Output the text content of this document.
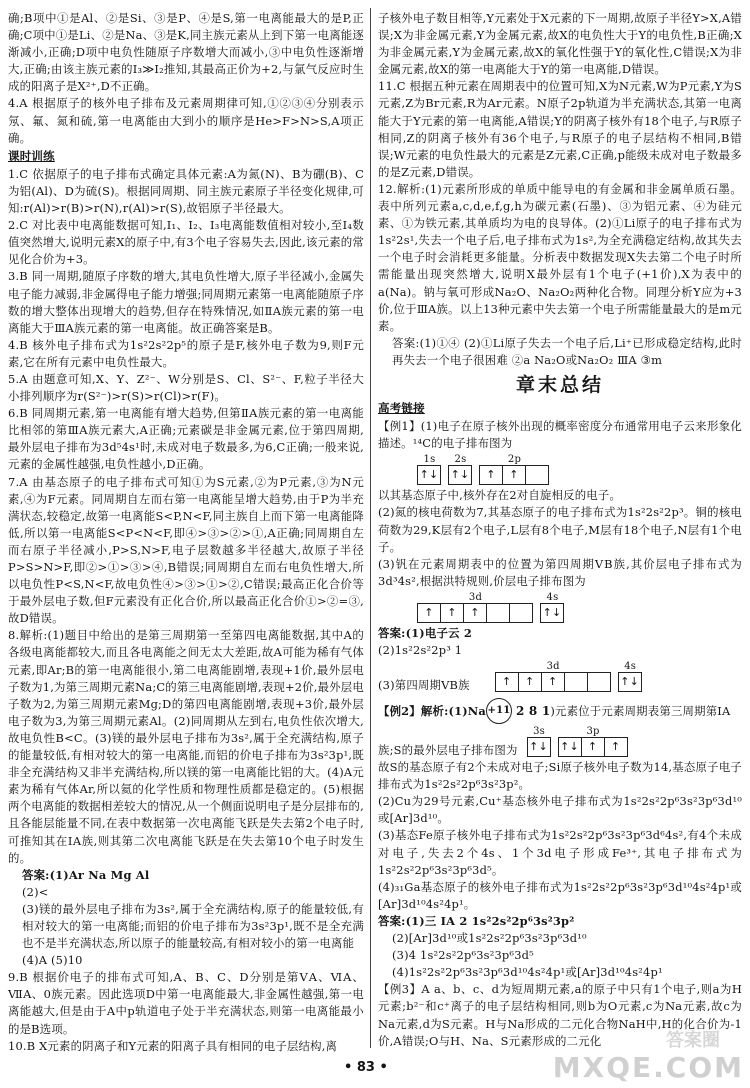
确;B项中①是Al、②是Si、③是P、④是S,第一电离能最大的是P,正确;C项中①是Li、②是Na、③是K,同主族元素从上到下第一电离能逐渐减小,正确;D项中电负性随原子序数增大而减小,③中电负性逐渐增大,正确;由该主族元素的I₃≫I₂推知,其最高正价为+2,与氯气反应时生成的阳离子是X²⁺,D不正确。

4.A 根据原子的核外电子排布及元素周期律可知,①②③④分别表示氖、氟、氮和硫,第一电离能由大到小的顺序是He>F>N>S,A项正确。

课时训练

1.C 依据原子的电子排布式确定具体元素:A为氮(N)、B为硼(B)、C为铝(Al)、D为硫(S)。根据同周期、同主族元素原子半径变化规律,可知:r(Al)>r(B)>r(N),r(Al)>r(S),故铝原子半径最大。

2.C 对比表中电离能数据可知,I₁、I₂、I₃电离能数值相对较小,至I₄数值突然增大,说明元素X的原子中,有3个电子容易失去,因此,该元素的常见化合价为+3。

3.B 同一周期,随原子序数的增大,其电负性增大,原子半径减小,金属失电子能力减弱,非金属得电子能力增强;同周期元素第一电离能随原子序数的增大整体出现增大的趋势,但存在特殊情况,如ⅡA族元素的第一电离能大于ⅢA族元素的第一电离能。故正确答案是B。

4.B 核外电子排布式为1s²2s²2p⁵的原子是F,核外电子数为9,则F元素,它在所有元素中电负性最大。

5.A 由题意可知,X、Y、Z²⁻、W分别是S、Cl、S²⁻、F,粒子半径大小排列顺序为r(S²⁻)>r(S)>r(Cl)>r(F)。

6.B 同周期元素,第一电离能有增大趋势,但第ⅡA族元素的第一电离能比相邻的第ⅢA族元素大,A正确;元素碳是非金属元素,位于第四周期,最外层电子排布为3d⁵4s¹时,未成对电子数最多,为6,C正确;一般来说,元素的金属性越强,电负性越小,D正确。

7.A 由基态原子的电子排布式可知①为S元素,②为P元素,③为N元素,④为F元素。同周期自左而右第一电离能呈增大趋势,由于P为半充满状态,较稳定,故第一电离能S<P,N<F,同主族自上而下第一电离能降低,所以第一电离能S<P<N<F,即④>③>②>①,A正确;同周期自左而右原子半径减小,P>S,N>F,电子层数越多半径越大,故原子半径P>S>N>F,即②>①>③>④,B错误;同周期自左而右电负性增大,所以电负性P<S,N<F,故电负性④>③>①>②,C错误;最高正化合价等于最外层电子数,但F元素没有正化合价,所以最高正化合价①>②=③,故D错误。

8.解析:(1)题目中给出的是第三周期第一至第四电离能数据,其中A的各级电离能都较大,而且各电离能之间无太大差距,故A可能为稀有气体元素,即Ar;B的第一电离能很小,第二电离能剧增,表现+1价,最外层电子数为1,为第三周期元素Na;C的第三电离能剧增,表现+2价,最外层电子数为2,为第三周期元素Mg;D的第四电离能剧增,表现+3价,最外层电子数为3,为第三周期元素Al。(2)同周期从左到右,电负性依次增大,故电负性B<C。(3)镁的最外层电子排布为3s²,属于全充满结构,原子的能量较低,有相对较大的第一电离能,而铝的价电子排布为3s²3p¹,既非全充满结构又非半充满结构,所以镁的第一电离能比铝的大。(4)A元素为稀有气体Ar,所以氦的化学性质和物理性质都是稳定的。(5)根据两个电离能的数据相差较大的情况,从一个侧面说明电子是分层排布的,且各能层能量不同,在表中数据第一次电离能飞跃是失去第2个电子时,可推知其在ⅠA族,则其第二次电离能飞跃是在失去第10个电子时发生的。

答案:(1)Ar Na Mg Al

(2)<

(3)镁的最外层电子排布为3s²,属于全充满结构,原子的能量较低,有相对较大的第一电离能;而铝的价电子排布为3s²3p¹,既不是全充满也不是半充满状态,所以原子的能量较高,有相对较小的第一电离能

(4)A (5)10

9.B 根据价电子的排布式可知,A、B、C、D分别是第ⅤA、ⅥA、ⅦA、0族元素。因此选项D中第一电离能最大,非金属性越强,第一电离能越大,但是由于A中p轨道电子处于半充满状态,则第一电离能最小的是B选项。

10.B X元素的阴离子和Y元素的阳离子具有相同的电子层结构,离

子核外电子数目相等,Y元素处于X元素的下一周期,故原子半径Y>X,A错误;X为非金属元素,Y为金属元素,故X的电负性大于Y的电负性,B正确;X为非金属元素,Y为金属元素,故X的氧化性强于Y的氧化性,C错误;X为非金属元素,故X的第一电离能大于Y的第一电离能,D错误。

11.C 根据五种元素在周期表中的位置可知,X为N元素,W为P元素,Y为S元素,Z为Br元素,R为Ar元素。N原子2p轨道为半充满状态,其第一电离能大于Y元素的第一电离能,A错误;Y的阴离子核外有18个电子,与R原子相同,Z的阴离子核外有36个电子,与R原子的电子层结构不相同,B错误;W元素的电负性最大的元素是Z元素,C正确,p能级未成对电子数最多的是Z元素,D错误。

12.解析:(1)元素所形成的单质中能导电的有金属和非金属单质石墨。表中所列元素a,c,d,e,f,g,h为碳元素(石墨)、③为铝元素、④为硅元素、①为铁元素,其单质均为电的良导体。(2)①Li原子的电子排布式为1s²2s¹,失去一个电子后,电子排布式为1s²,为全充满稳定结构,故其失去一个电子时会消耗更多能量。分析表中数据发现X失去第二个电子时所需能量出现突然增大,说明X最外层有1个电子(+1价),X为表中的a(Na)。钠与氧可形成Na₂O、Na₂O₂两种化合物。同理分析Y应为+3价,位于ⅢA族。以上13种元素中失去第一个电子所需能量最大的是m元素。

答案:(1)①④ (2)①Li原子失去一个电子后,Li⁺已形成稳定结构,此时再失去一个电子很困难 ②a Na₂O或Na₂O₂ ⅢA ③m

章末总结
高考链接

【例1】(1)电子在原子核外出现的概率密度分布通常用电子云来形象化描述。¹⁴C的电子排布图为

1s
↑↓
2s
↑↓
2p
↑	↑

以其基态原子中,核外存在2对自旋相反的电子。

(2)氮的核电荷数为7,其基态原子的电子排布式为1s²2s²2p³。铜的核电荷数为29,K层有2个电子,L层有8个电子,M层有18个电子,N层有1个电子。

(3)钒在元素周期表中的位置为第四周期ⅤB族,其价层电子排布式为3d³4s²,根据洪特规则,价层电子排布图为

3d
↑	↑	↑
4s
↑↓

答案:(1)电子云 2

(2)1s²2s²2p³ 1

(3)第四周期ⅤB族
3d
↑	↑	↑
4s
↑↓
【例2】解析:(1)Na +11 2 8 1 )元素位于元素周期表第三周期第ⅠA
族;S的最外层电子排布图为
3s
↑↓
3p
↑↓ ↑	↑

故S的基态原子有2个未成对电子;Si原子核外电子数为14,基态原子电子排布式为1s²2s²2p⁶3s²3p²。

(2)Cu为29号元素,Cu⁺基态核外电子排布式为1s²2s²2p⁶3s²3p⁶3d¹⁰或[Ar]3d¹⁰。

(3)基态Fe原子核外电子排布式为1s²2s²2p⁶3s²3p⁶3d⁶4s²,有4个未成对电子,失去2个4s、1个3d电子形成Fe³⁺,其电子排布式为1s²2s²2p⁶3s²3p⁶3d⁵。

(4)₃₁Ga基态原子的核外电子排布式为1s²2s²2p⁶3s²3p⁶3d¹⁰4s²4p¹或[Ar]3d¹⁰4s²4p¹。

答案:(1)三 ⅠA 2 1s²2s²2p⁶3s²3p²

(2)[Ar]3d¹⁰或1s²2s²2p⁶3s²3p⁶3d¹⁰

(3)4 1s²2s²2p⁶3s²3p⁶3d⁵

(4)1s²2s²2p⁶3s²3p⁶3d¹⁰4s²4p¹或[Ar]3d¹⁰4s²4p¹

【例3】A a、b、c、d为短周期元素,a的原子中只有1个电子,则a为H元素;b²⁻和c⁺离子的电子层结构相同,则b为O元素,c为Na元素,故c为Na元素,d为S元素。H与Na形成的二元化合物NaH中,H的化合价为-1价,A错误;O与H、Na、S元素形成的二元化

• 83 •
答案圈
MXQE.COM
